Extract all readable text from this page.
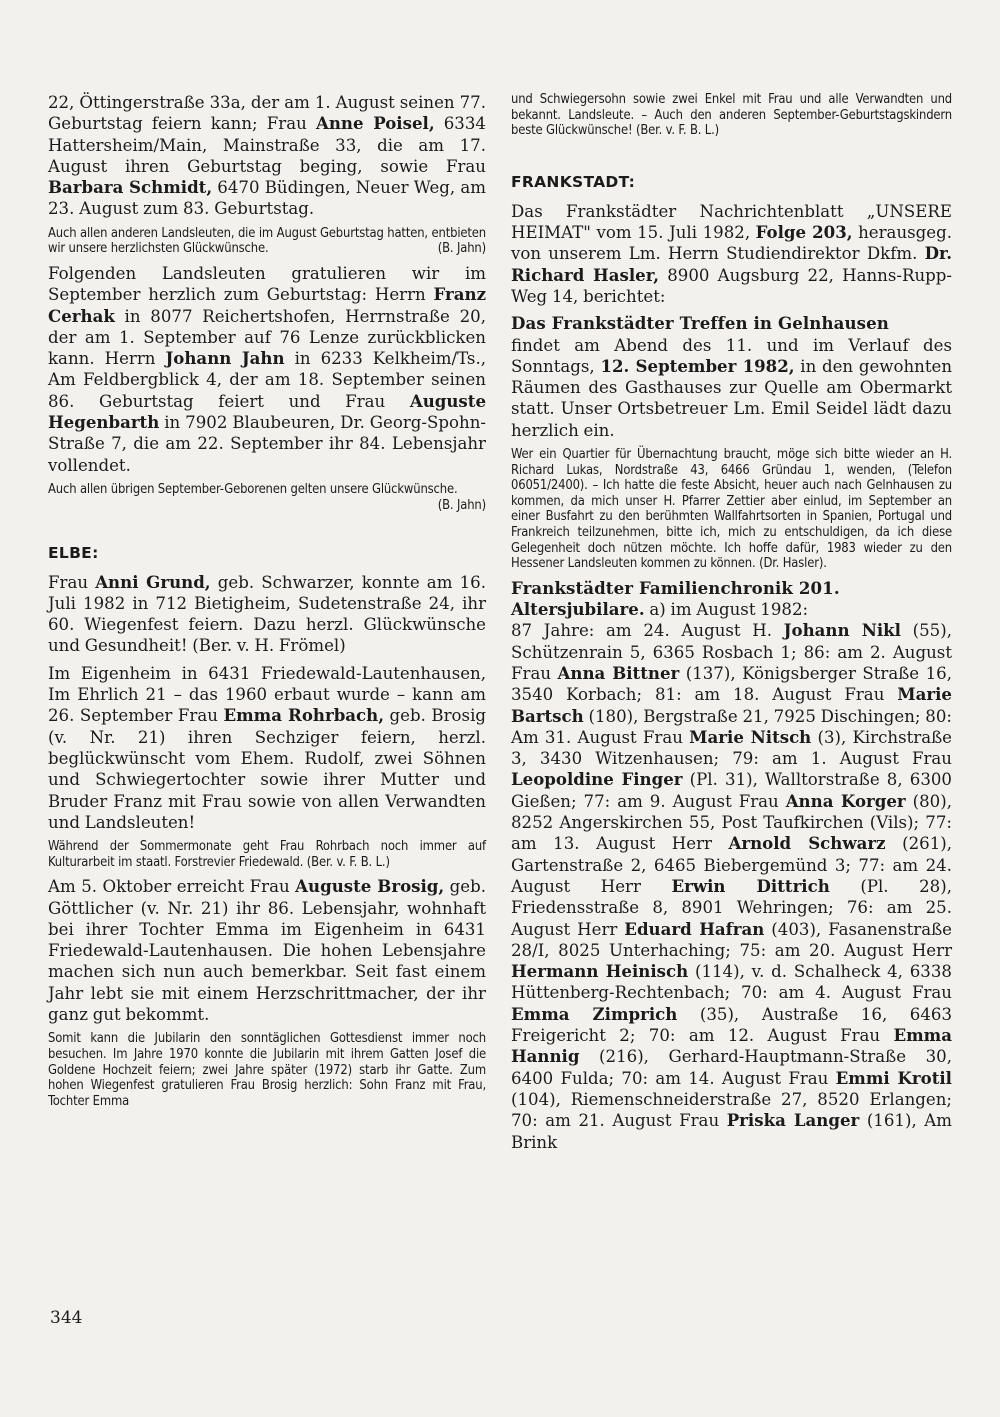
22, Öttingerstraße 33a, der am 1. August seinen 77. Geburtstag feiern kann; Frau Anne Poisel, 6334 Hattersheim/Main, Mainstraße 33, die am 17. August ihren Geburtstag beging, sowie Frau Barbara Schmidt, 6470 Büdingen, Neuer Weg, am 23. August zum 83. Geburtstag.

Auch allen anderen Landsleuten, die im August Geburtstag hatten, entbieten wir unsere herzlichsten Glückwünsche.	(B. Jahn)

Folgenden Landsleuten gratulieren wir im September herzlich zum Geburtstag: Herrn Franz Cerhak in 8077 Reichertshofen, Herrnstraße 20, der am 1. September auf 76 Lenze zurückblicken kann. Herrn Johann Jahn in 6233 Kelkheim/Ts., Am Feldbergblick 4, der am 18. September seinen 86. Geburtstag feiert und Frau Auguste Hegenbarth in 7902 Blaubeuren, Dr. Georg-Spohn-Straße 7, die am 22. September ihr 84. Lebensjahr vollendet.

Auch allen übrigen September-Geborenen gelten unsere Glückwünsche.
(B. Jahn)

ELBE:

Frau Anni Grund, geb. Schwarzer, konnte am 16. Juli 1982 in 712 Bietigheim, Sudetenstraße 24, ihr 60. Wiegenfest feiern. Dazu herzl. Glückwünsche und Gesundheit! (Ber. v. H. Frömel)

Im Eigenheim in 6431 Friedewald-Lautenhausen, Im Ehrlich 21 – das 1960 erbaut wurde – kann am 26. September Frau Emma Rohrbach, geb. Brosig (v. Nr. 21) ihren Sechziger feiern, herzl. beglückwünscht vom Ehem. Rudolf, zwei Söhnen und Schwiegertochter sowie ihrer Mutter und Bruder Franz mit Frau sowie von allen Verwandten und Landsleuten!

Während der Sommermonate geht Frau Rohrbach noch immer auf Kulturarbeit im staatl. Forstrevier Friedewald. (Ber. v. F. B. L.)

Am 5. Oktober erreicht Frau Auguste Brosig, geb. Göttlicher (v. Nr. 21) ihr 86. Lebensjahr, wohnhaft bei ihrer Tochter Emma im Eigenheim in 6431 Friedewald-Lautenhausen. Die hohen Lebensjahre machen sich nun auch bemerkbar. Seit fast einem Jahr lebt sie mit einem Herzschrittmacher, der ihr ganz gut bekommt.

Somit kann die Jubilarin den sonntäglichen Gottesdienst immer noch besuchen. Im Jahre 1970 konnte die Jubilarin mit ihrem Gatten Josef die Goldene Hochzeit feiern; zwei Jahre später (1972) starb ihr Gatte. Zum hohen Wiegenfest gratulieren Frau Brosig herzlich: Sohn Franz mit Frau, Tochter Emma

und Schwiegersohn sowie zwei Enkel mit Frau und alle Verwandten und bekannt. Landsleute. – Auch den anderen September-Geburtstagskindern beste Glückwünsche! (Ber. v. F. B. L.)

FRANKSTADT:

Das Frankstädter Nachrichtenblatt „UNSERE HEIMAT" vom 15. Juli 1982, Folge 203, herausgeg. von unserem Lm. Herrn Studiendirektor Dkfm. Dr. Richard Hasler, 8900 Augsburg 22, Hanns-Rupp-Weg 14, berichtet:

Das Frankstädter Treffen in Gelnhausen

findet am Abend des 11. und im Verlauf des Sonntags, 12. September 1982, in den gewohnten Räumen des Gasthauses zur Quelle am Obermarkt statt. Unser Ortsbetreuer Lm. Emil Seidel lädt dazu herzlich ein.

Wer ein Quartier für Übernachtung braucht, möge sich bitte wieder an H. Richard Lukas, Nordstraße 43, 6466 Gründau 1, wenden, (Telefon 06051/2400). – Ich hatte die feste Absicht, heuer auch nach Gelnhausen zu kommen, da mich unser H. Pfarrer Zettier aber einlud, im September an einer Busfahrt zu den berühmten Wallfahrtsorten in Spanien, Portugal und Frankreich teilzunehmen, bitte ich, mich zu entschuldigen, da ich diese Gelegenheit doch nützen möchte. Ich hoffe dafür, 1983 wieder zu den Hessener Landsleuten kommen zu können. (Dr. Hasler).

Frankstädter Familienchronik 201.

Altersjubilare. a) im August 1982:
87 Jahre: am 24. August H. Johann Nikl (55), Schützenrain 5, 6365 Rosbach 1; 86: am 2. August Frau Anna Bittner (137), Königsberger Straße 16, 3540 Korbach; 81: am 18. August Frau Marie Bartsch (180), Bergstraße 21, 7925 Dischingen; 80: Am 31. August Frau Marie Nitsch (3), Kirchstraße 3, 3430 Witzenhausen; 79: am 1. August Frau Leopoldine Finger (Pl. 31), Walltorstraße 8, 6300 Gießen; 77: am 9. August Frau Anna Korger (80), 8252 Angerskirchen 55, Post Taufkirchen (Vils); 77: am 13. August Herr Arnold Schwarz (261), Gartenstraße 2, 6465 Biebergemünd 3; 77: am 24. August Herr Erwin Dittrich (Pl. 28), Friedensstraße 8, 8901 Wehringen; 76: am 25. August Herr Eduard Hafran (403), Fasanenstraße 28/I, 8025 Unterhaching; 75: am 20. August Herr Hermann Heinisch (114), v. d. Schalheck 4, 6338 Hüttenberg-Rechtenbach; 70: am 4. August Frau Emma Zimprich (35), Austraße 16, 6463 Freigericht 2; 70: am 12. August Frau Emma Hannig (216), Gerhard-Hauptmann-Straße 30, 6400 Fulda; 70: am 14. August Frau Emmi Krotil (104), Riemenschneiderstraße 27, 8520 Erlangen; 70: am 21. August Frau Priska Langer (161), Am Brink

344
